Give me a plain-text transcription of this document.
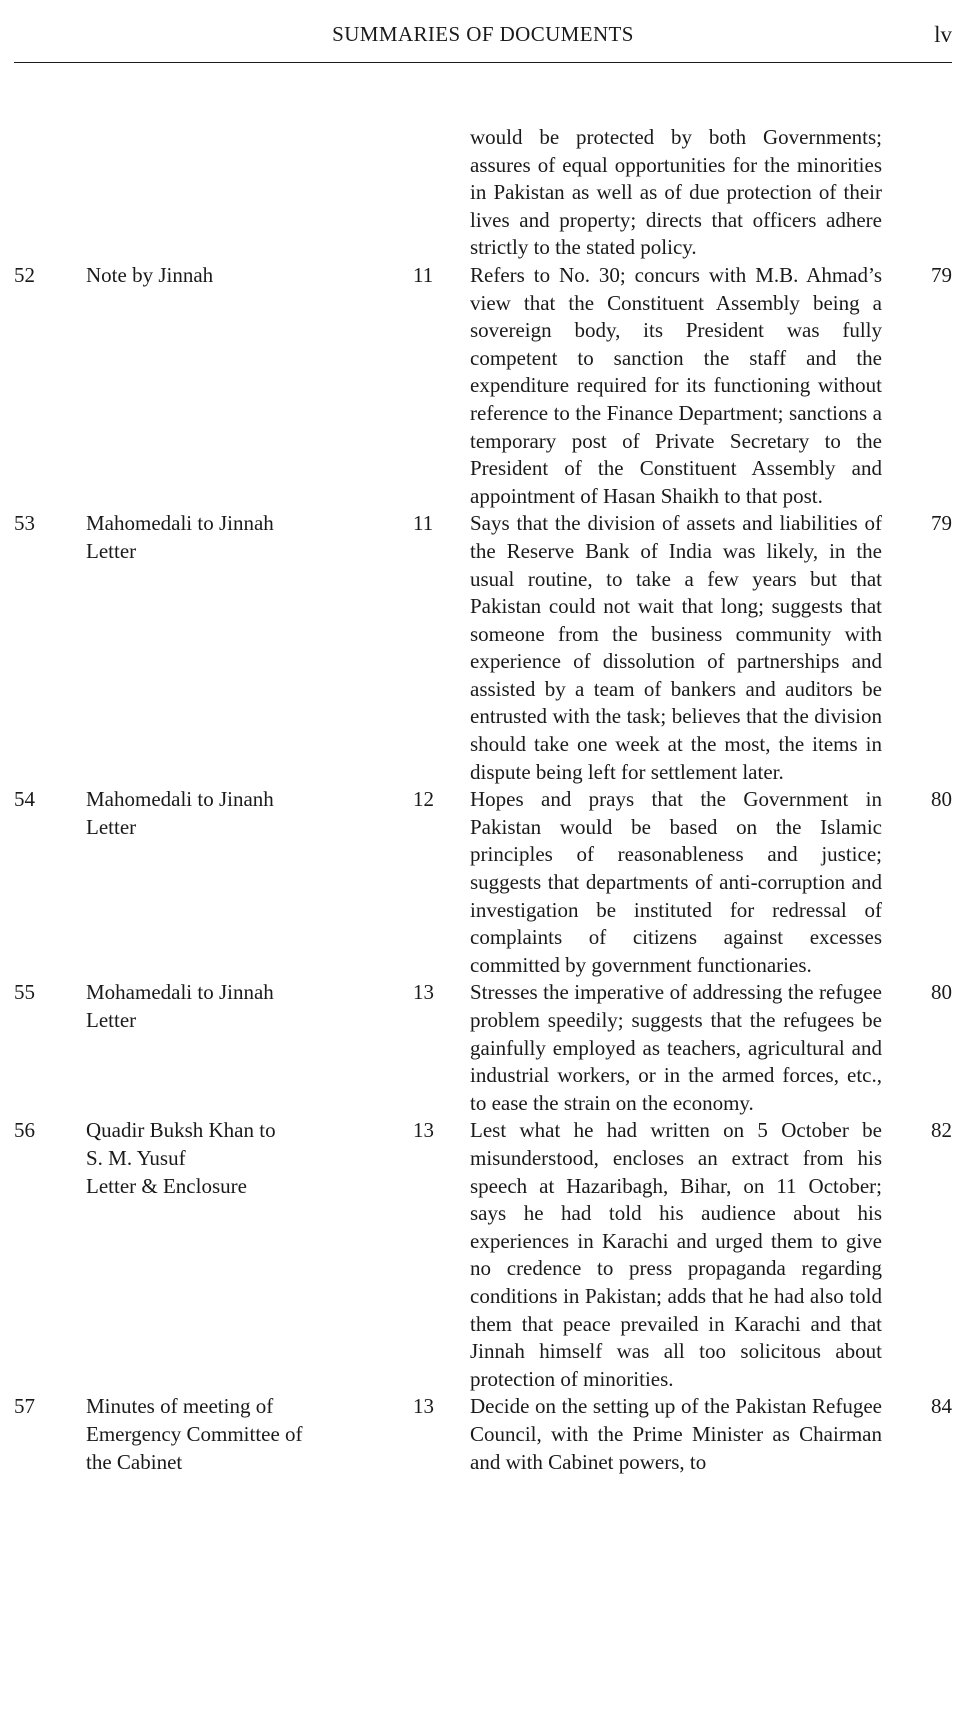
SUMMARIES OF DOCUMENTS	lv
would be protected by both Governments; assures of equal opportunities for the minorities in Pakistan as well as of due protection of their lives and property; directs that officers adhere strictly to the stated policy.
52 Note by Jinnah	11 Refers to No. 30; concurs with M.B. Ahmad’s view that the Constituent Assembly being a sovereign body, its President was fully competent to sanction the staff and the expenditure required for its functioning without reference to the Finance Department; sanctions a temporary post of Private Secretary to the President of the Constituent Assembly and appointment of Hasan Shaikh to that post.
79
53 Mahomedali to Jinnah
Letter
11 Says that the division of assets and liabilities of the Reserve Bank of India was likely, in the usual routine, to take a few years but that Pakistan could not wait that long; suggests that someone from the business community with experience of dissolution of partnerships and assisted by a team of bankers and auditors be entrusted with the task; believes that the division should take one week at the most, the items in dispute being left for settlement later.
79
54 Mahomedali to Jinanh
Letter
12 Hopes and prays that the Government in Pakistan would be based on the Islamic principles of reasonableness and justice; suggests that departments of anti-corruption and investigation be instituted for redressal of complaints of citizens against excesses committed by government functionaries.
80
55 Mohamedali to Jinnah
Letter
13 Stresses the imperative of addressing the refugee problem speedily; suggests that the refugees be gainfully employed as teachers, agricultural and industrial workers, or in the armed forces, etc., to ease the strain on the economy.
80
56 Quadir Buksh Khan to
S. M. Yusuf
Letter & Enclosure
13 Lest what he had written on 5 October be misunderstood, encloses an extract from his speech at Hazaribagh, Bihar, on 11 October; says he had told his audience about his experiences in Karachi and urged them to give no credence to press propaganda regarding conditions in Pakistan; adds that he had also told them that peace prevailed in Karachi and that Jinnah himself was all too solicitous about protection of minorities.
82
57 Minutes of meeting of
Emergency Committee of
the Cabinet
13 Decide on the setting up of the Pakistan Refugee Council, with the Prime Minister as Chairman and with Cabinet powers, to
84
